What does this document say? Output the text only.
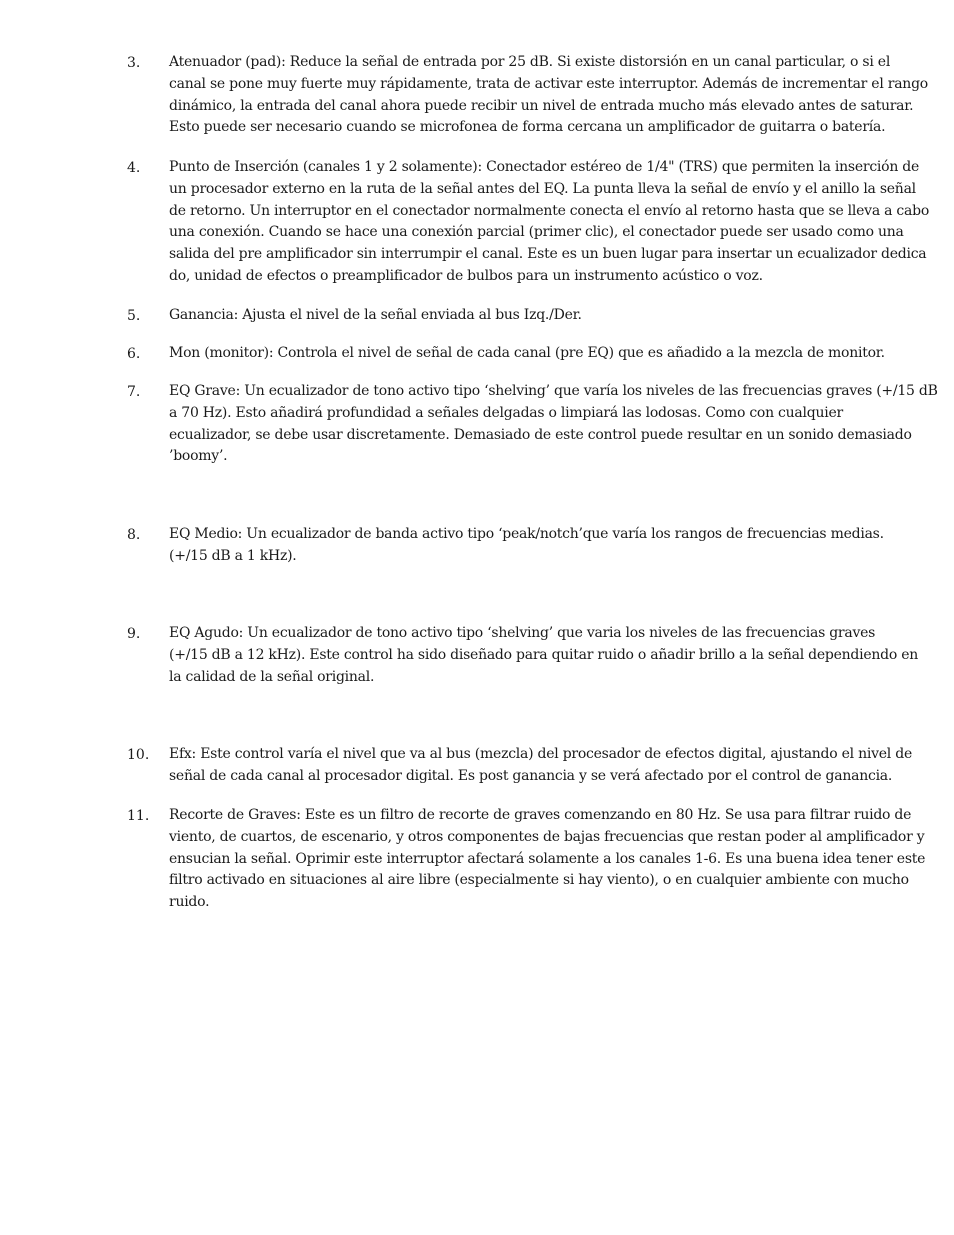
3. Atenuador (pad): Reduce la señal de entrada por 25 dB. Si existe distorsión en un canal particular, o si el
canal se pone muy fuerte muy rápidamente, trata de activar este interruptor. Además de incrementar el rango
dinámico, la entrada del canal ahora puede recibir un nivel de entrada mucho más elevado antes de saturar.
Esto puede ser necesario cuando se microfonea de forma cercana un amplificador de guitarra o batería.
4. Punto de Inserción (canales 1 y 2 solamente): Conectador estéreo de 1/4" (TRS) que permiten la inserción de
un procesador externo en la ruta de la señal antes del EQ. La punta lleva la señal de envío y el anillo la señal
de retorno. Un interruptor en el conectador normalmente conecta el envío al retorno hasta que se lleva a cabo
una conexión. Cuando se hace una conexión parcial (primer clic), el conectador puede ser usado como una
salida del pre amplificador sin interrumpir el canal. Este es un buen lugar para insertar un ecualizador dedica
do, unidad de efectos o preamplificador de bulbos para un instrumento acústico o voz.
5. Ganancia: Ajusta el nivel de la señal enviada al bus Izq./Der.
6. Mon (monitor): Controla el nivel de señal de cada canal (pre EQ) que es añadido a la mezcla de monitor.
7. EQ Grave: Un ecualizador de tono activo tipo ‘shelving’ que varía los niveles de las frecuencias graves (+/15 dB
a 70 Hz). Esto añadirá profundidad a señales delgadas o limpiará las lodosas. Como con cualquier
ecualizador, se debe usar discretamente. Demasiado de este control puede resultar en un sonido demasiado
’boomy’.
8. EQ Medio: Un ecualizador de banda activo tipo ‘peak/notch’que varía los rangos de frecuencias medias.
(+/15 dB a 1 kHz).
9. EQ Agudo: Un ecualizador de tono activo tipo ‘shelving’ que varia los niveles de las frecuencias graves
(+/15 dB a 12 kHz). Este control ha sido diseñado para quitar ruido o añadir brillo a la señal dependiendo en
la calidad de la señal original.
10. Efx: Este control varía el nivel que va al bus (mezcla) del procesador de efectos digital, ajustando el nivel de
señal de cada canal al procesador digital. Es post ganancia y se verá afectado por el control de ganancia.
11. Recorte de Graves: Este es un filtro de recorte de graves comenzando en 80 Hz. Se usa para filtrar ruido de
viento, de cuartos, de escenario, y otros componentes de bajas frecuencias que restan poder al amplificador y
ensucian la señal. Oprimir este interruptor afectará solamente a los canales 1-6. Es una buena idea tener este
filtro activado en situaciones al aire libre (especialmente si hay viento), o en cualquier ambiente con mucho
ruido.
